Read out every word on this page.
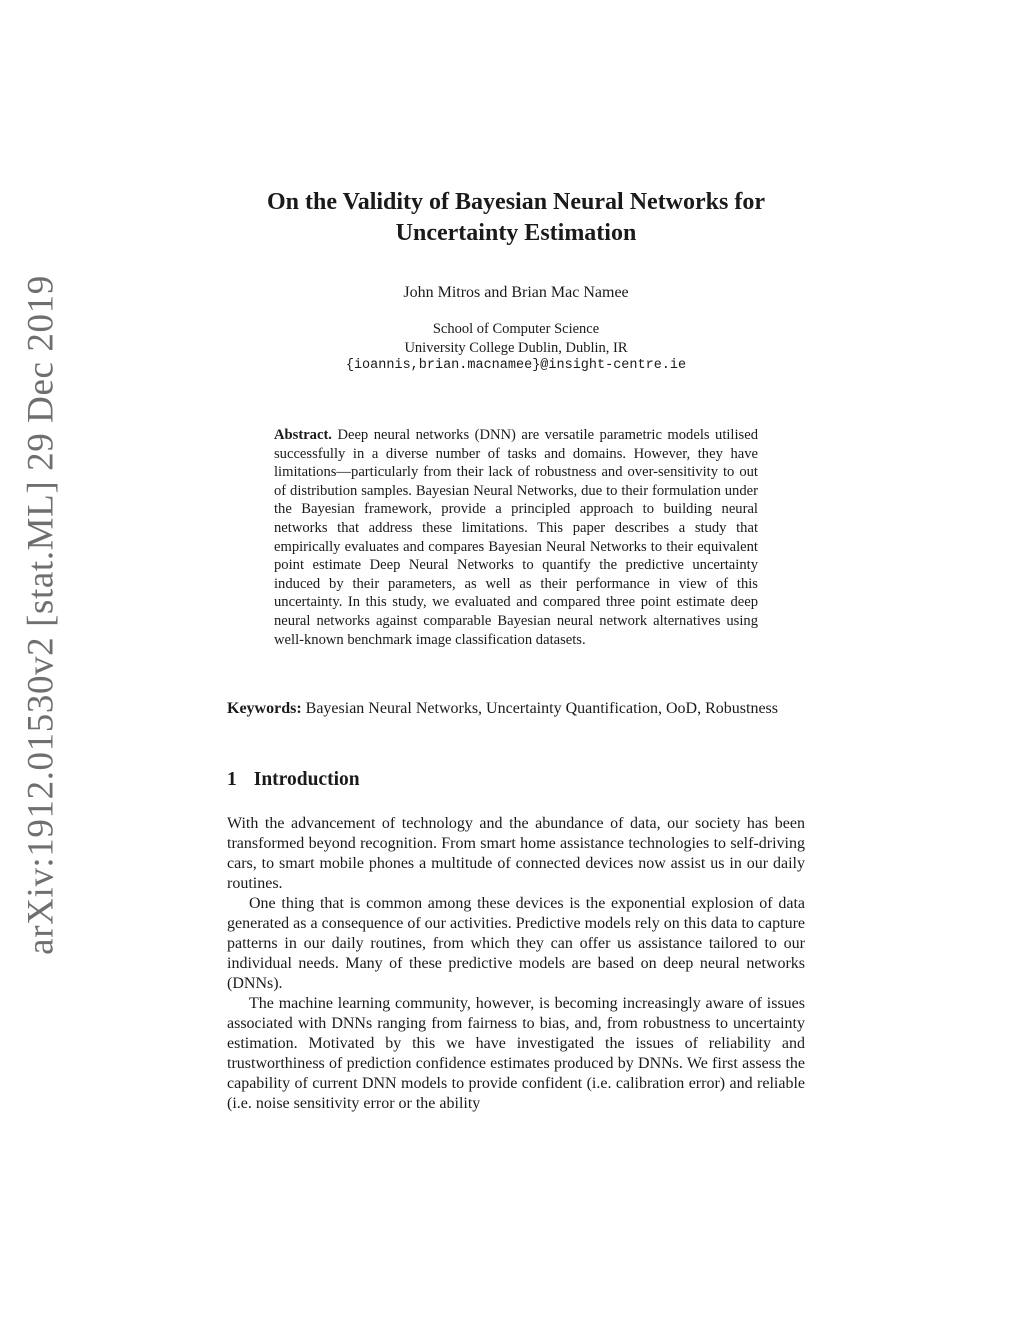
arXiv:1912.01530v2 [stat.ML] 29 Dec 2019
On the Validity of Bayesian Neural Networks for Uncertainty Estimation
John Mitros and Brian Mac Namee
School of Computer Science
University College Dublin, Dublin, IR
{ioannis,brian.macnamee}@insight-centre.ie

Abstract. Deep neural networks (DNN) are versatile parametric models utilised successfully in a diverse number of tasks and domains. However, they have limitations—particularly from their lack of robustness and over-sensitivity to out of distribution samples. Bayesian Neural Networks, due to their formulation under the Bayesian framework, provide a principled approach to building neural networks that address these limitations. This paper describes a study that empirically evaluates and compares Bayesian Neural Networks to their equivalent point estimate Deep Neural Networks to quantify the predictive uncertainty induced by their parameters, as well as their performance in view of this uncertainty. In this study, we evaluated and compared three point estimate deep neural networks against comparable Bayesian neural network alternatives using well-known benchmark image classification datasets.

Keywords: Bayesian Neural Networks, Uncertainty Quantification, OoD, Robustness

1 Introduction

With the advancement of technology and the abundance of data, our society has been transformed beyond recognition. From smart home assistance technologies to self-driving cars, to smart mobile phones a multitude of connected devices now assist us in our daily routines.

One thing that is common among these devices is the exponential explosion of data generated as a consequence of our activities. Predictive models rely on this data to capture patterns in our daily routines, from which they can offer us assistance tailored to our individual needs. Many of these predictive models are based on deep neural networks (DNNs).

The machine learning community, however, is becoming increasingly aware of issues associated with DNNs ranging from fairness to bias, and, from robustness to uncertainty estimation. Motivated by this we have investigated the issues of reliability and trustworthiness of prediction confidence estimates produced by DNNs. We first assess the capability of current DNN models to provide confident (i.e. calibration error) and reliable (i.e. noise sensitivity error or the ability
